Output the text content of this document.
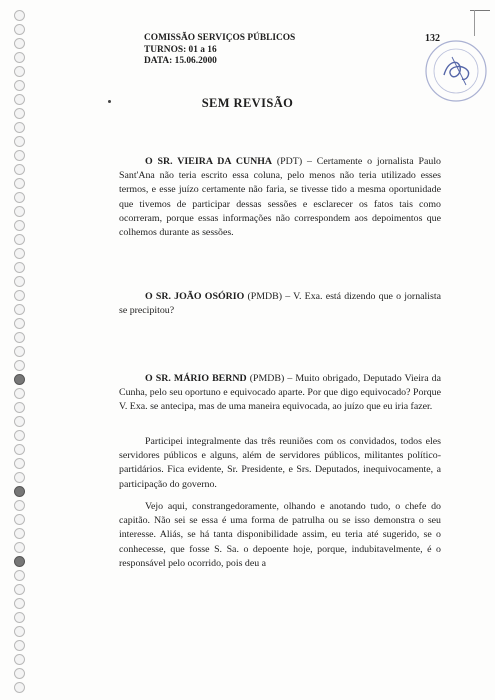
COMISSÃO SERVIÇOS PÚBLICOS
TURNOS: 01 a 16
DATA: 15.06.2000
132
SEM REVISÃO

O SR. VIEIRA DA CUNHA (PDT) – Certamente o jornalista Paulo Sant'Ana não teria escrito essa coluna, pelo menos não teria utilizado esses termos, e esse juízo certamente não faria, se tivesse tido a mesma oportunidade que tivemos de participar dessas sessões e esclarecer os fatos tais como ocorreram, porque essas informações não correspondem aos depoimentos que colhemos durante as sessões.

O SR. JOÃO OSÓRIO (PMDB) – V. Exa. está dizendo que o jornalista se precipitou?

O SR. MÁRIO BERND (PMDB) – Muito obrigado, Deputado Vieira da Cunha, pelo seu oportuno e equivocado aparte. Por que digo equivocado? Porque V. Exa. se antecipa, mas de uma maneira equivocada, ao juízo que eu iria fazer.

Participei integralmente das três reuniões com os convidados, todos eles servidores públicos e alguns, além de servidores públicos, militantes político-partidários. Fica evidente, Sr. Presidente, e Srs. Deputados, inequivocamente, a participação do governo.

Vejo aqui, constrangedoramente, olhando e anotando tudo, o chefe do capitão. Não sei se essa é uma forma de patrulha ou se isso demonstra o seu interesse. Aliás, se há tanta disponibilidade assim, eu teria até sugerido, se o conhecesse, que fosse S. Sa. o depoente hoje, porque, indubitavelmente, é o responsável pelo ocorrido, pois deu a
